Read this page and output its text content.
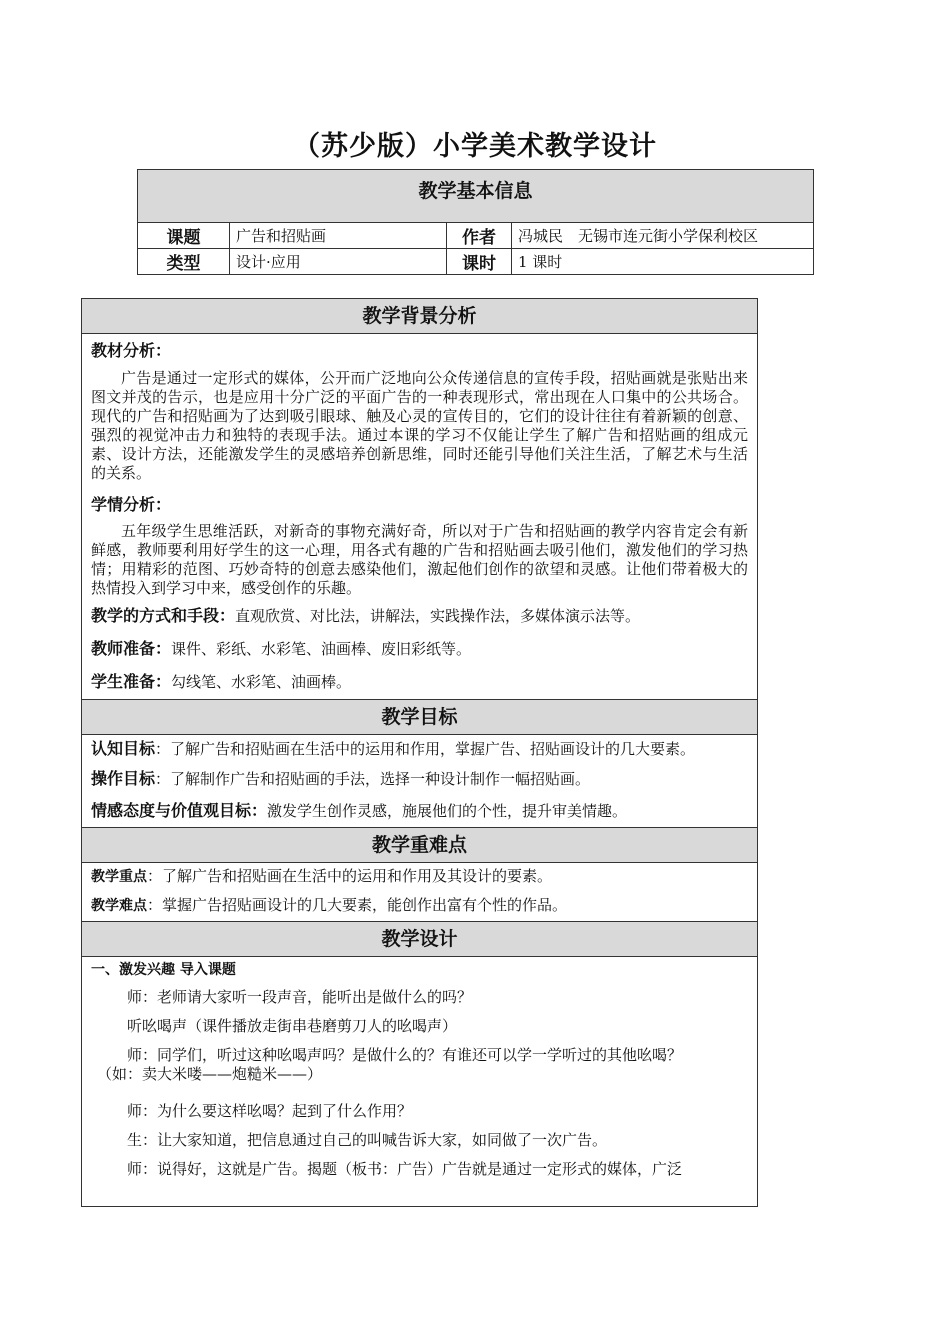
（苏少版）小学美术教学设计
教学基本信息			
课题	广告和招贴画	作者	冯城民　无锡市连元街小学保利校区
类型	设计·应用	课时	1 课时
教学背景分析
教材分析：

广告是通过一定形式的媒体，公开而广泛地向公众传递信息的宣传手段，招贴画就是张贴出来图文并茂的告示，也是应用十分广泛的平面广告的一种表现形式，常出现在人口集中的公共场合。现代的广告和招贴画为了达到吸引眼球、触及心灵的宣传目的，它们的设计往往有着新颖的创意、强烈的视觉冲击力和独特的表现手法。通过本课的学习不仅能让学生了解广告和招贴画的组成元素、设计方法，还能激发学生的灵感培养创新思维，同时还能引导他们关注生活，了解艺术与生活的关系。

学情分析：

五年级学生思维活跃，对新奇的事物充满好奇，所以对于广告和招贴画的教学内容肯定会有新鲜感，教师要利用好学生的这一心理，用各式有趣的广告和招贴画去吸引他们，激发他们的学习热情；用精彩的范图、巧妙奇特的创意去感染他们，激起他们创作的欲望和灵感。让他们带着极大的热情投入到学习中来，感受创作的乐趣。

教学的方式和手段：直观欣赏、对比法，讲解法，实践操作法，多媒体演示法等。
教师准备：课件、彩纸、水彩笔、油画棒、废旧彩纸等。
学生准备：勾线笔、水彩笔、油画棒。
教学目标
认知目标：了解广告和招贴画在生活中的运用和作用，掌握广告、招贴画设计的几大要素。
操作目标：了解制作广告和招贴画的手法，选择一种设计制作一幅招贴画。
情感态度与价值观目标：激发学生创作灵感，施展他们的个性，提升审美情趣。
教学重难点
教学重点：了解广告和招贴画在生活中的运用和作用及其设计的要素。
教学难点：掌握广告招贴画设计的几大要素，能创作出富有个性的作品。
教学设计
一、激发兴趣 导入课题
师：老师请大家听一段声音，能听出是做什么的吗？
听吆喝声（课件播放走街串巷磨剪刀人的吆喝声）
师：同学们，听过这种吆喝声吗？是做什么的？有谁还可以学一学听过的其他吆喝？
（如：卖大米喽——炮糙米——）
师：为什么要这样吆喝？起到了什么作用？
生：让大家知道，把信息通过自己的叫喊告诉大家，如同做了一次广告。
师：说得好，这就是广告。揭题（板书：广告）广告就是通过一定形式的媒体，广泛
